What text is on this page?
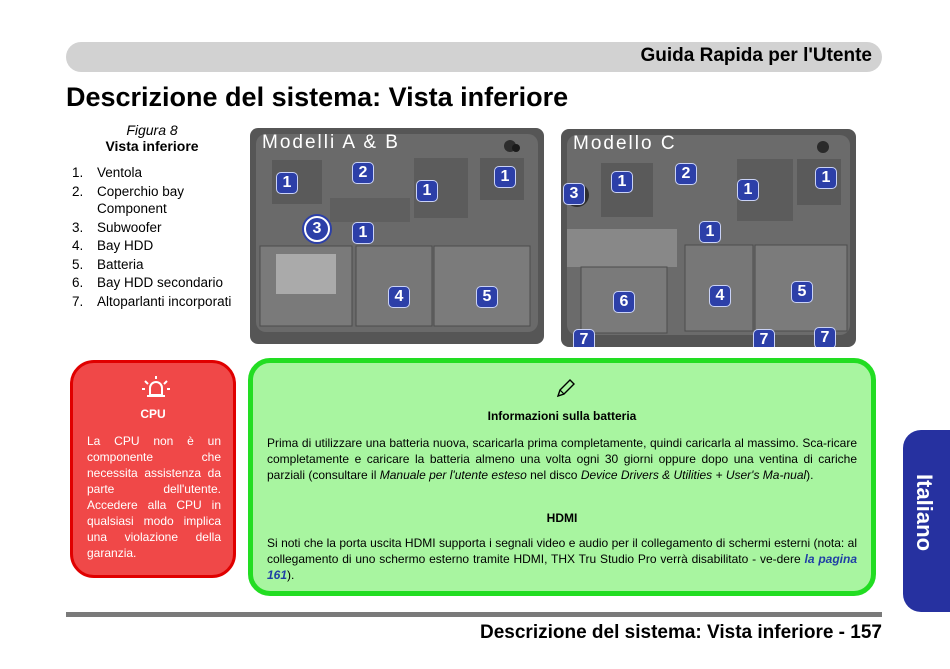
Guida Rapida per l'Utente
Descrizione del sistema: Vista inferiore
Figura 8
Vista inferiore
1.	Ventola
2.	Coperchio bay Component
3.	Subwoofer
4.	Bay HDD
5.	Batteria
6.	Bay HDD secondario
7.	Altoparlanti incorporati
Modelli A & B
1
2
1
1
3	1
4	5
Modello C
3
1	2
1
1
1
6	4	5
7	7	7
CPU
La CPU non è un componente che necessita assistenza da parte dell'utente. Accedere alla CPU in qualsiasi modo implica una violazione della garanzia.
Informazioni sulla batteria
Prima di utilizzare una batteria nuova, scaricarla prima completamente, quindi caricarla al massimo. Sca-ricare completamente e caricare la batteria almeno una volta ogni 30 giorni oppure dopo una ventina di cariche parziali (consultare il Manuale per l'utente esteso nel disco Device Drivers & Utilities + User's Ma-nual).
HDMI
Si noti che la porta uscita HDMI supporta i segnali video e audio per il collegamento di schermi esterni (nota: al collegamento di uno schermo esterno tramite HDMI, THX Tru Studio Pro verrà disabilitato - ve-dere la pagina 161).
Descrizione del sistema: Vista inferiore - 157
Italiano
